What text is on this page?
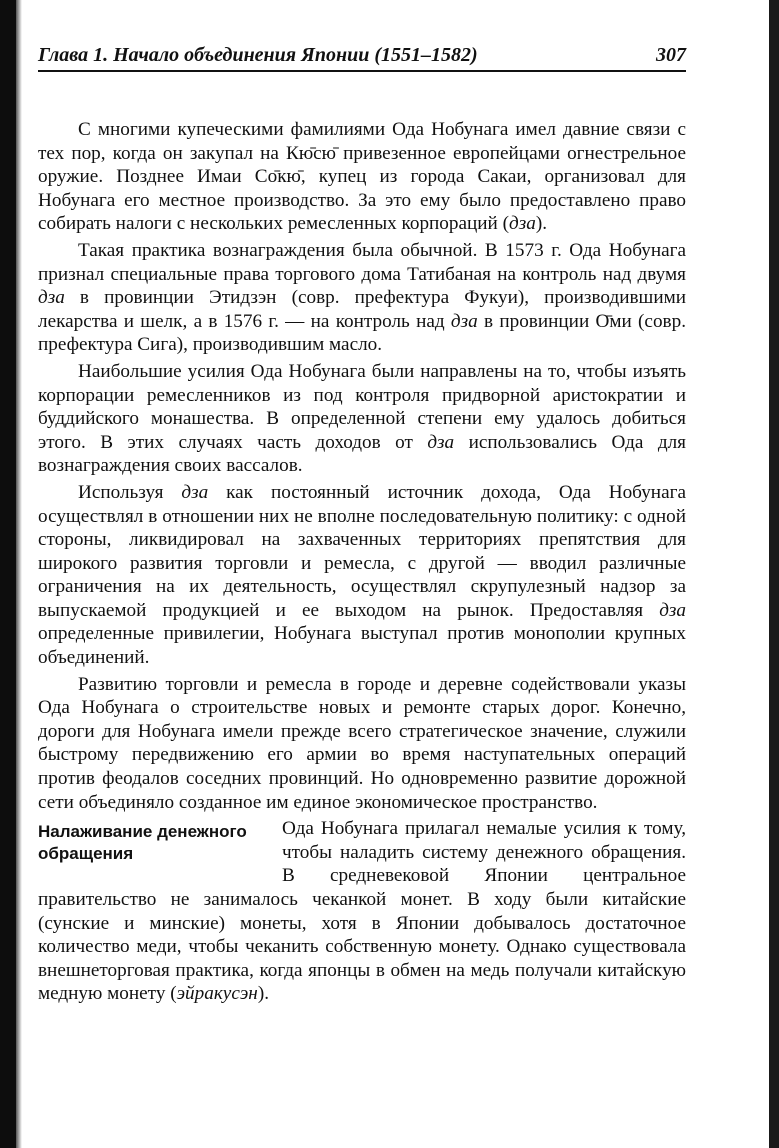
Глава 1. Начало объединения Японии (1551–1582)	307

С многими купеческими фамилиями Ода Нобунага имел давние связи с тех пор, когда он закупал на Кю̄сю̄ привезенное европейцами огнестрельное оружие. Позднее Имаи Со̄кю̄, купец из города Сакаи, организовал для Нобунага его местное производство. За это ему было предоставлено право собирать налоги с нескольких ремесленных корпораций (дза).

Такая практика вознаграждения была обычной. В 1573 г. Ода Нобунага признал специальные права торгового дома Татибаная на контроль над двумя дза в провинции Этидзэн (совр. префектура Фукуи), производившими лекарства и шелк, а в 1576 г. — на контроль над дза в провинции О̄ми (совр. префектура Сига), производившим масло.

Наибольшие усилия Ода Нобунага были направлены на то, чтобы изъять корпорации ремесленников из под контроля придворной аристократии и буддийского монашества. В определенной степени ему удалось добиться этого. В этих случаях часть доходов от дза использовались Ода для вознаграждения своих вассалов.

Используя дза как постоянный источник дохода, Ода Нобунага осуществлял в отношении них не вполне последовательную политику: с одной стороны, ликвидировал на захваченных территориях препятствия для широкого развития торговли и ремесла, с другой — вводил различные ограничения на их деятельность, осуществлял скрупулезный надзор за выпускаемой продукцией и ее выходом на рынок. Предоставляя дза определенные привилегии, Нобунага выступал против монополии крупных объединений.

Развитию торговли и ремесла в городе и деревне содействовали указы Ода Нобунага о строительстве новых и ремонте старых дорог. Конечно, дороги для Нобунага имели прежде всего стратегическое значение, служили быстрому передвижению его армии во время наступательных операций против феодалов соседних провинций. Но одновременно развитие дорожной сети объединяло созданное им единое экономическое пространство.

Налаживание денежного обращения
Ода Нобунага прилагал немалые усилия к тому, чтобы наладить систему денежного обращения. В средневековой Японии центральное правительство не занималось чеканкой монет. В ходу были китайские (сунские и минские) монеты, хотя в Японии добывалось достаточное количество меди, чтобы чеканить собственную монету. Однако существовала внешнеторговая практика, когда японцы в обмен на медь получали китайскую медную монету (эйракусэн).
